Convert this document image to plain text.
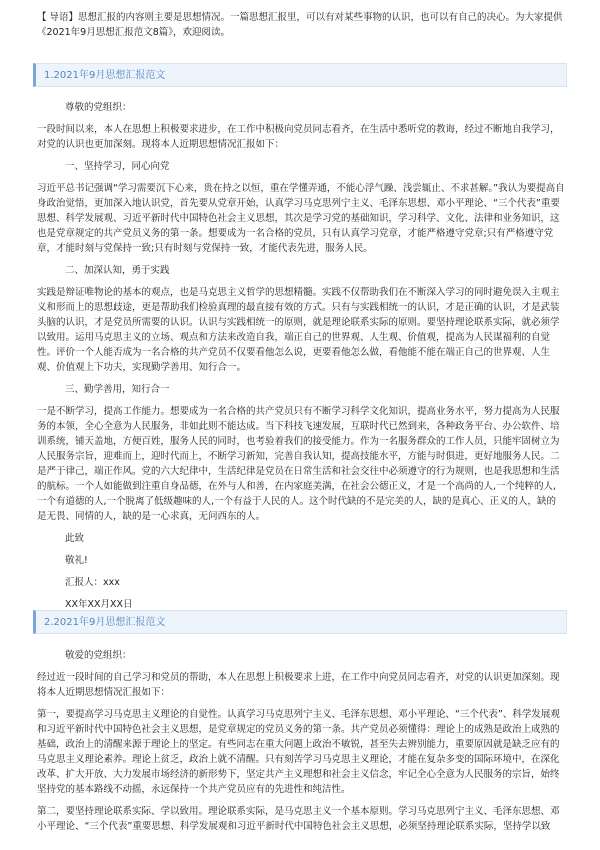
【 导语】思想汇报的内容则主要是思想情况。一篇思想汇报里，可以有对某些事物的认识，也可以有自己的决心。为大家提供《2021年9月思想汇报范文8篇》，欢迎阅读。

1.2021年9月思想汇报范文

尊敬的党组织：

一段时间以来，本人在思想上积极要求进步，在工作中积极向党员同志看齐，在生活中悉听党的教诲，经过不断地自我学习，对党的认识也更加深刻。现将本人近期思想情况汇报如下：

一、坚持学习，同心向党

习近平总书记强调“学习需要沉下心来，贵在持之以恒，重在学懂弄通，不能心浮气躁、浅尝辄止、不求甚解。”我认为要提高自身政治觉悟，更加深入地认识党，首先要从党章开始，认真学习马克思列宁主义、毛泽东思想、邓小平理论、“三个代表”重要思想、科学发展观、习近平新时代中国特色社会主义思想，其次是学习党的基础知识，学习科学、文化、法律和业务知识，这也是党章规定的共产党员义务的第一条。想要成为一名合格的党员，只有认真学习党章，才能严格遵守党章;只有严格遵守党章，才能时刻与党保持一致;只有时刻与党保持一致，才能代表先进，服务人民。

二、加深认知，勇于实践

实践是辩证唯物论的基本的观点，也是马克思主义哲学的思想精髓。实践不仅帮助我们在不断深入学习的同时避免误入主观主义和形而上的思想歧途，更是帮助我们检验真理的最直接有效的方式。只有与实践相统一的认识，才是正确的认识，才是武装头脑的认识，才是党员所需要的认识。认识与实践相统一的原则，就是理论联系实际的原则。要坚持理论联系实际，就必须学以致用。运用马克思主义的立场、观点和方法来改造自我，端正自己的世界观、人生观、价值观，提高为人民谋福利的自觉性。评价一个人能否成为一名合格的共产党员不仅要看他怎么说，更要看他怎么做，看他能不能在端正自己的世界观、人生观、价值观上下功夫，实现勤学善用、知行合一。

三、勤学善用，知行合一

一是不断学习，提高工作能力。想要成为一名合格的共产党员只有不断学习科学文化知识，提高业务水平，努力提高为人民服务的本领，全心全意为人民服务，非如此则不能达成。当下科技飞速发展，互联时代已然到来，各种政务平台、办公软件、培训系统，铺天盖地，方便百姓，服务人民的同时，也考验着我们的接受能力。作为一名服务群众的工作人员，只能牢固树立为人民服务宗旨，迎难而上，迎时代而上，不断学习新知，完善自我认知，提高技能水平，方能与时俱进，更好地服务人民。二是严于律己，端正作风。党的六大纪律中，生活纪律是党员在日常生活和社会交往中必须遵守的行为规则，也是我思想和生活的航标。一个人如能做到注重自身品德，在外与人和善，在内家庭美满，在社会公德正义，才是一个高尚的人,一个纯粹的人,一个有道德的人,一个脱离了低级趣味的人,一个有益于人民的人。这个时代缺的不是完美的人，缺的是真心、正义的人，缺的是无畏、同情的人，缺的是一心求真，无问西东的人。

此致

敬礼!

汇报人：xxx

XX年XX月XX日

2.2021年9月思想汇报范文

敬爱的党组织：

经过近一段时间的自己学习和党员的帮助，本人在思想上积极要求上进，在工作中向党员同志看齐，对党的认识更加深刻。现将本人近期思想情况汇报如下：

第一，要提高学习马克思主义理论的自觉性。认真学习马克思列宁主义、毛泽东思想、邓小平理论、“三个代表”、科学发展观和习近平新时代中国特色社会主义思想，是党章规定的党员义务的第一条。共产党员必须懂得：理论上的成熟是政治上成熟的基础，政治上的清醒来源于理论上的坚定。有些同志在重大问题上政治不敏锐，甚至失去辨别能力，重要原因就是缺乏应有的马克思主义理论素养。理论上贫乏，政治上就不清醒。只有刻苦学习马克思主义理论，才能在复杂多变的国际环境中，在深化改革、扩大开放、大力发展市场经济的新形势下，坚定共产主义理想和社会主义信念，牢记全心全意为人民服务的宗旨，始终坚持党的基本路线不动摇，永远保持一个共产党员应有的先进性和纯洁性。

第二，要坚持理论联系实际、学以致用。理论联系实际，是马克思主义一个基本原则。学习马克思列宁主义、毛泽东思想、邓小平理论、“三个代表”重要思想、科学发展观和习近平新时代中国特色社会主义思想，必须坚持理论联系实际，坚持学以致
